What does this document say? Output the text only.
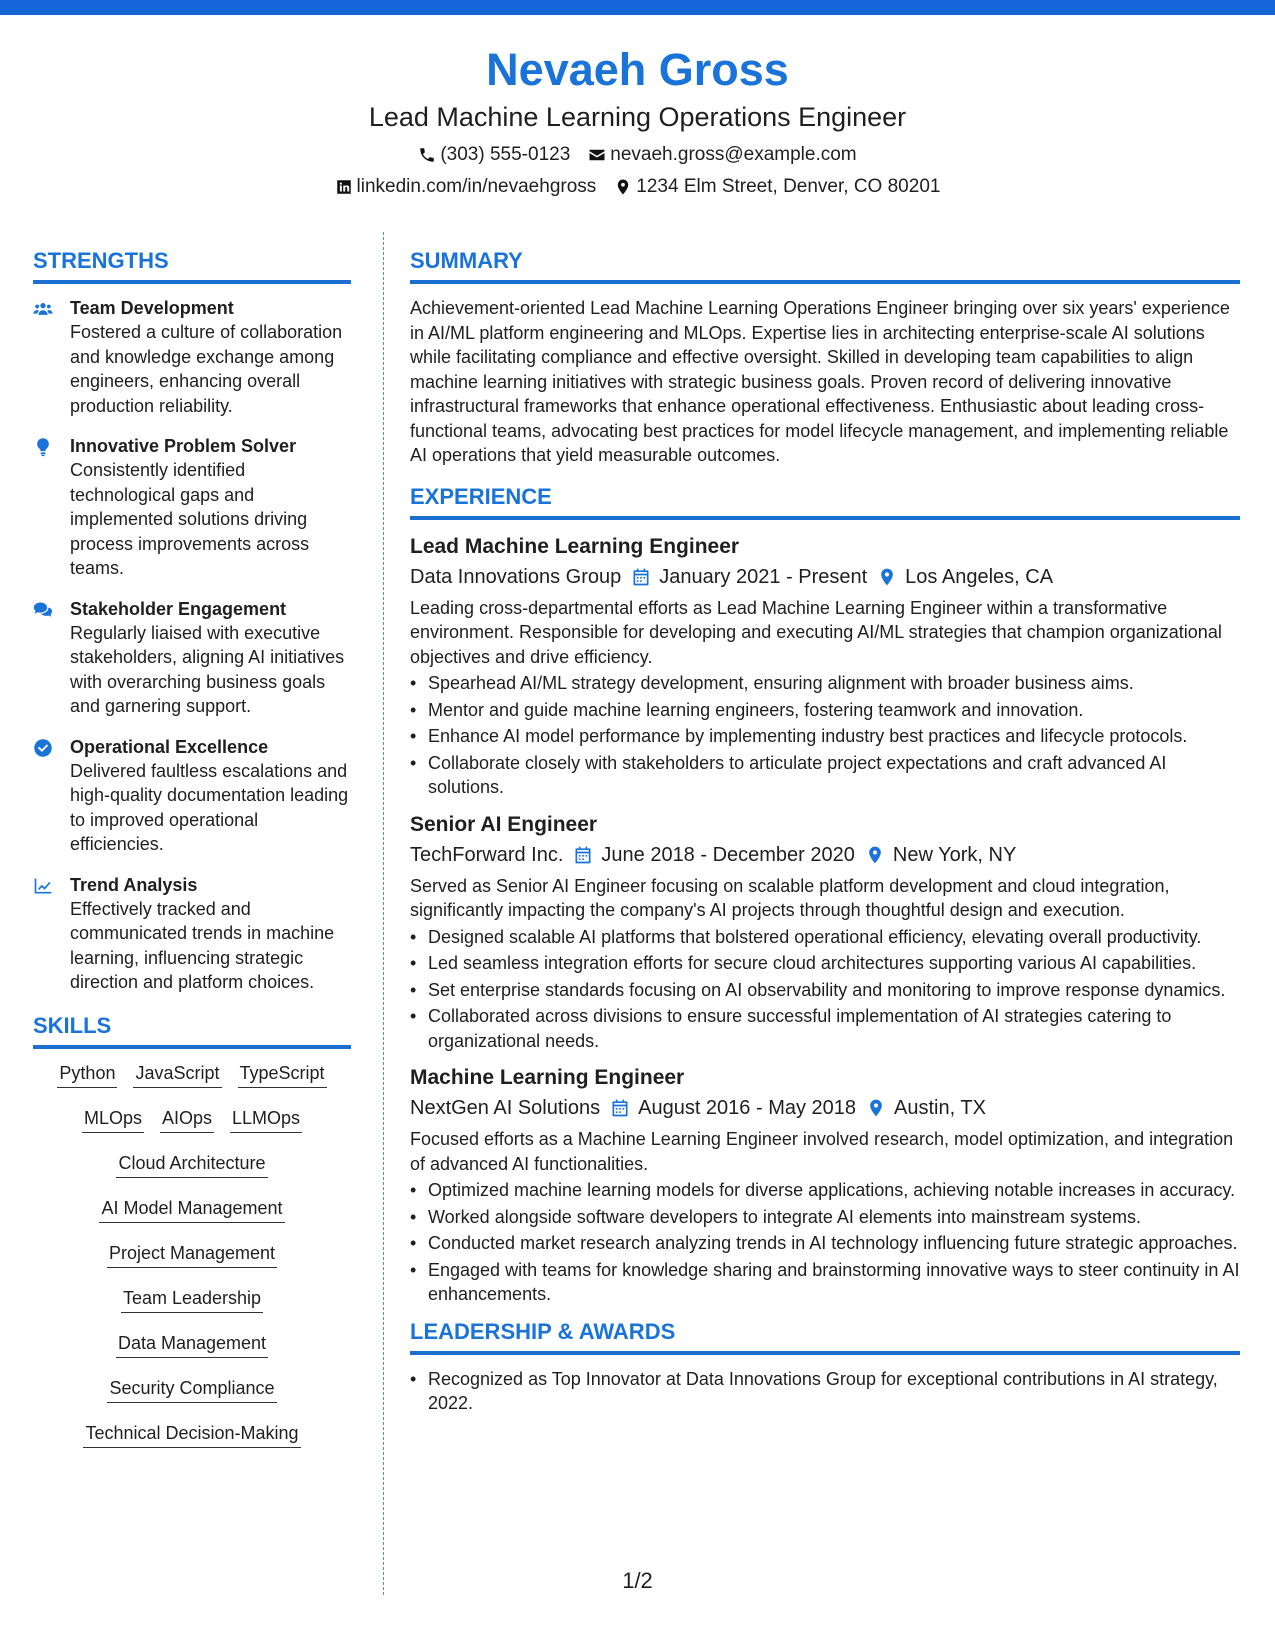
Nevaeh Gross
Lead Machine Learning Operations Engineer
(303) 555-0123 nevaeh.gross@example.com
linkedin.com/in/nevaehgross 1234 Elm Street, Denver, CO 80201
STRENGTHS
Team Development
Fostered a culture of collaboration and knowledge exchange among engineers, enhancing overall production reliability.
Innovative Problem Solver
Consistently identified technological gaps and implemented solutions driving process improvements across teams.
Stakeholder Engagement
Regularly liaised with executive stakeholders, aligning AI initiatives with overarching business goals and garnering support.
Operational Excellence
Delivered faultless escalations and high-quality documentation leading to improved operational efficiencies.
Trend Analysis
Effectively tracked and communicated trends in machine learning, influencing strategic direction and platform choices.
SKILLS
Python JavaScript TypeScript
MLOps AIOps LLMOps
Cloud Architecture
AI Model Management
Project Management
Team Leadership
Data Management
Security Compliance
Technical Decision-Making
SUMMARY
Achievement-oriented Lead Machine Learning Operations Engineer bringing over six years' experience in AI/ML platform engineering and MLOps. Expertise lies in architecting enterprise-scale AI solutions while facilitating compliance and effective oversight. Skilled in developing team capabilities to align machine learning initiatives with strategic business goals. Proven record of delivering innovative infrastructural frameworks that enhance operational effectiveness. Enthusiastic about leading cross-functional teams, advocating best practices for model lifecycle management, and implementing reliable AI operations that yield measurable outcomes.
EXPERIENCE
Lead Machine Learning Engineer
Data Innovations Group January 2021 - Present Los Angeles, CA
Leading cross-departmental efforts as Lead Machine Learning Engineer within a transformative environment. Responsible for developing and executing AI/ML strategies that champion organizational objectives and drive efficiency.
• Spearhead AI/ML strategy development, ensuring alignment with broader business aims.
• Mentor and guide machine learning engineers, fostering teamwork and innovation.
• Enhance AI model performance by implementing industry best practices and lifecycle protocols.
• Collaborate closely with stakeholders to articulate project expectations and craft advanced AI solutions.
Senior AI Engineer
TechForward Inc. June 2018 - December 2020 New York, NY
Served as Senior AI Engineer focusing on scalable platform development and cloud integration, significantly impacting the company's AI projects through thoughtful design and execution.
• Designed scalable AI platforms that bolstered operational efficiency, elevating overall productivity.
• Led seamless integration efforts for secure cloud architectures supporting various AI capabilities.
• Set enterprise standards focusing on AI observability and monitoring to improve response dynamics.
• Collaborated across divisions to ensure successful implementation of AI strategies catering to organizational needs.
Machine Learning Engineer
NextGen AI Solutions August 2016 - May 2018 Austin, TX
Focused efforts as a Machine Learning Engineer involved research, model optimization, and integration of advanced AI functionalities.
• Optimized machine learning models for diverse applications, achieving notable increases in accuracy.
• Worked alongside software developers to integrate AI elements into mainstream systems.
• Conducted market research analyzing trends in AI technology influencing future strategic approaches.
• Engaged with teams for knowledge sharing and brainstorming innovative ways to steer continuity in AI enhancements.
LEADERSHIP & AWARDS
• Recognized as Top Innovator at Data Innovations Group for exceptional contributions in AI strategy, 2022.
1/2
